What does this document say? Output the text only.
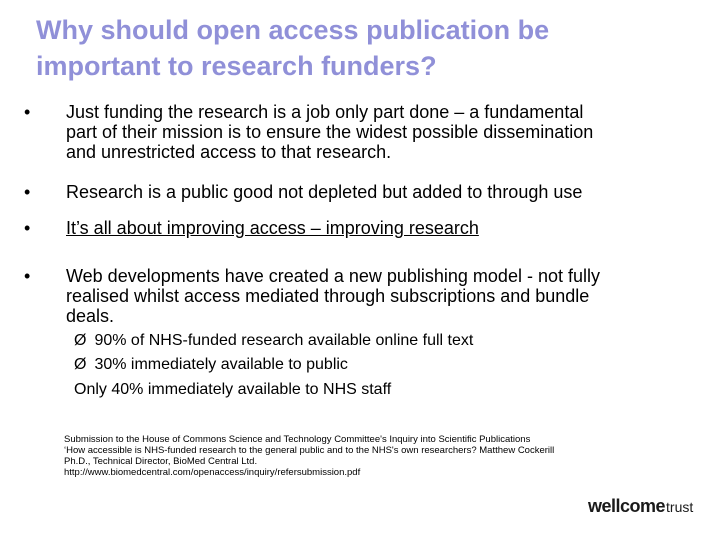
Why should open access publication be
important to research funders?
•	Just funding the research is a job only part done – a fundamental
part of their mission is to ensure the widest possible dissemination
and unrestricted access to that research.
•	Research is a public good not depleted but added to through use
•	It’s all about improving access – improving research
•	Web developments have created a new publishing model - not fully
realised whilst access mediated through subscriptions and bundle
deals.
Ø 90% of NHS-funded research available online full text
Ø 30% immediately available to public
Only 40% immediately available to NHS staff
Submission to the House of Commons Science and Technology Committee's Inquiry into Scientific Publications
‘How accessible is NHS-funded research to the general public and to the NHS's own researchers? Matthew Cockerill
Ph.D., Technical Director, BioMed Central Ltd.
http://www.biomedcentral.com/openaccess/inquiry/refersubmission.pdf
wellcometrust
